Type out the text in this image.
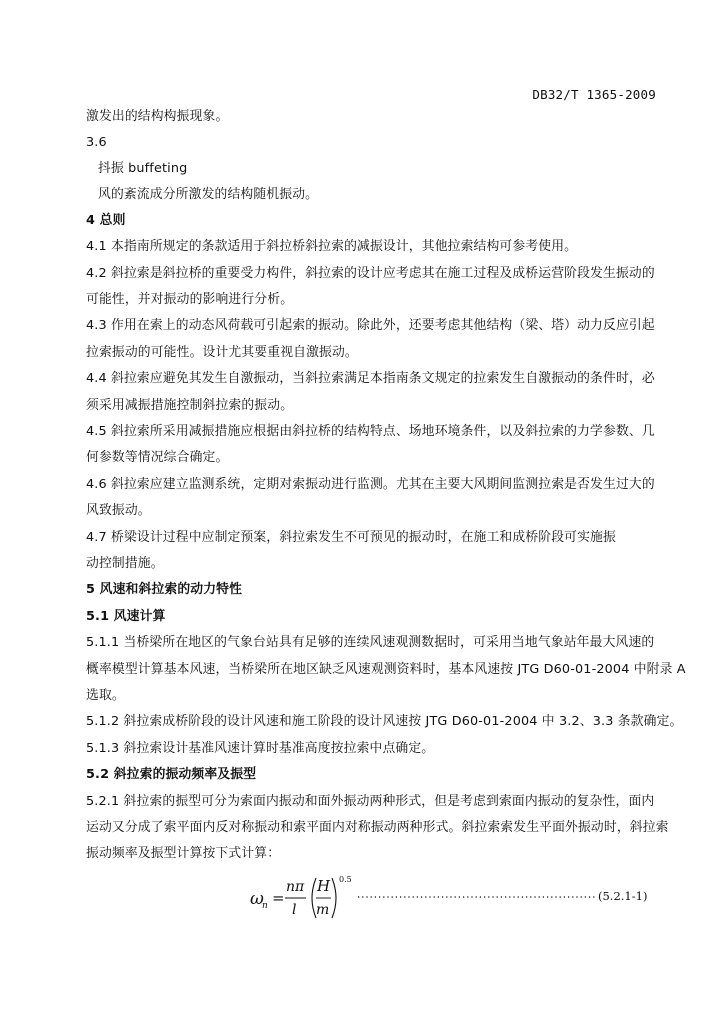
DB32/T 1365-2009
激发出的结构构振现象。
3.6
抖振 buffeting
风的紊流成分所激发的结构随机振动。
4 总则
4.1 本指南所规定的条款适用于斜拉桥斜拉索的减振设计，其他拉索结构可参考使用。
4.2 斜拉索是斜拉桥的重要受力构件，斜拉索的设计应考虑其在施工过程及成桥运营阶段发生振动的
可能性，并对振动的影响进行分析。
4.3 作用在索上的动态风荷载可引起索的振动。除此外，还要考虑其他结构（梁、塔）动力反应引起
拉索振动的可能性。设计尤其要重视自激振动。
4.4 斜拉索应避免其发生自激振动，当斜拉索满足本指南条文规定的拉索发生自激振动的条件时，必
须采用减振措施控制斜拉索的振动。
4.5 斜拉索所采用减振措施应根据由斜拉桥的结构特点、场地环境条件，以及斜拉索的力学参数、几
何参数等情况综合确定。
4.6 斜拉索应建立监测系统，定期对索振动进行监测。尤其在主要大风期间监测拉索是否发生过大的
风致振动。
4.7 桥梁设计过程中应制定预案，斜拉索发生不可预见的振动时，在施工和成桥阶段可实施振
动控制措施。
5 风速和斜拉索的动力特性
5.1 风速计算
5.1.1 当桥梁所在地区的气象台站具有足够的连续风速观测数据时，可采用当地气象站年最大风速的
概率模型计算基本风速，当桥梁所在地区缺乏风速观测资料时，基本风速按 JTG D60-01-2004 中附录 A
选取。
5.1.2 斜拉索成桥阶段的设计风速和施工阶段的设计风速按 JTG D60-01-2004 中 3.2、3.3 条款确定。
5.1.3 斜拉索设计基准风速计算时基准高度按拉索中点确定。
5.2 斜拉索的振动频率及振型
5.2.1 斜拉索的振型可分为索面内振动和面外振动两种形式，但是考虑到索面内振动的复杂性，面内
运动又分成了索平面内反对称振动和索平面内对称振动两种形式。斜拉索索发生平面外振动时，斜拉索
振动频率及振型计算按下式计算：
ω
n =
nπ
l
H
m
0.5
(5.2.1-1)
